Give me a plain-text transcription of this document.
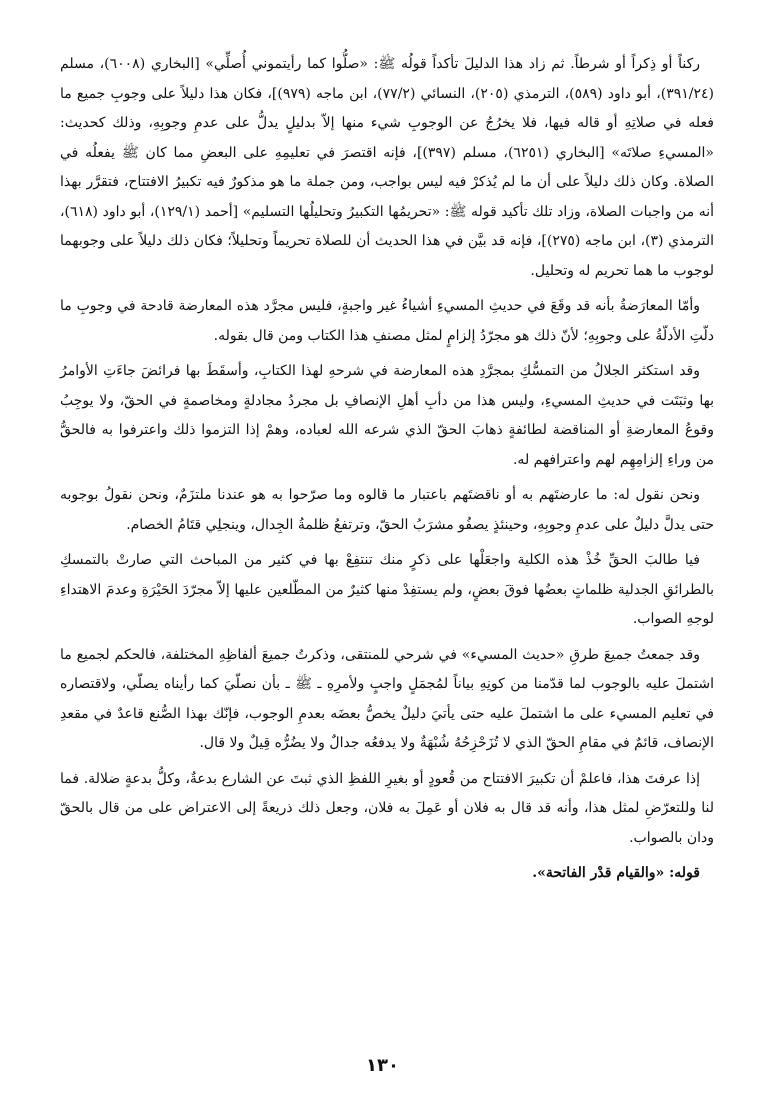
ركناً أو ذِكراً أو شرطاً. ثم زاد هذا الدليلَ تأكداً قولُه ﷺ: «صلُّوا كما رأيتموني أُصلِّي» [البخاري (٦٠٠٨)، مسلم (٣٩١/٢٤)، أبو داود (٥٨٩)، الترمذي (٢٠٥)، النسائي (٧٧/٢)، ابن ماجه (٩٧٩)]، فكان هذا دليلاً على وجوبِ جميع ما فعله في صلاتِهِ أو قاله فيها، فلا يخرُجُ عن الوجوبِ شيء منها إلاّ بدليلٍ يدلُّ على عدمِ وجوبِهِ، وذلك كحديث: «المسيءِ صلاتَه» [البخاري (٦٢٥١)، مسلم (٣٩٧)]، فإنه اقتصرَ في تعليمِهِ على البعضِ مما كان ﷺ يفعلُه في الصلاة. وكان ذلك دليلاً على أن ما لم يُذكرْ فيه ليس بواجب، ومن جملة ما هو مذكورٌ فيه تكبيرُ الافتتاح، فتقرَّر بهذا أنه من واجبات الصلاة، وزاد تلك تأكيد قوله ﷺ: «تحريمُها التكبيرُ وتحليلُها التسليم» [أحمد (١٢٩/١)، أبو داود (٦١٨)، الترمذي (٣)، ابن ماجه (٢٧٥)]، فإنه قد بيَّن في هذا الحديث أن للصلاة تحريماً وتحليلاً؛ فكان ذلك دليلاً على وجوبهما لوجوب ما هما تحريم له وتحليل.

وأمّا المعارَضةُ بأنه قد وقَعَ في حديثِ المسيءِ أشياءُ غير واجبةٍ، فليس مجرَّد هذه المعارضة قادحة في وجوبِ ما دلّتِ الأدلّةُ على وجوبِهِ؛ لأنّ ذلك هو مجرّدُ إلزامٍ لمثل مصنفِ هذا الكتاب ومن قال بقوله.

وقد استكثر الجلالُ من التمسُّكِ بمجرَّدِ هذه المعارضة في شرحهِ لهذا الكتابِ، وأسقَطَ بها فرائضَ جاءَتِ الأوامرُ بها وثبَتَت في حديثِ المسيءِ، وليس هذا من دأبِ أهلِ الإنصافِ بل مجردُ مجادلةٍ ومخاصمةٍ في الحقّ، ولا يوجِبُ وقوعُ المعارضةِ أو المناقضة لطائفةٍ ذهابَ الحقّ الذي شرعه الله لعباده، وهمْ إذا التزموا ذلك واعترفوا به فالحقُّ من وراءِ إلزامِهِم لهم واعترافهم له.

ونحن نقول له: ما عارضتَهم به أو ناقضتَهم باعتبار ما قالوه وما صرّحوا به هو عندنا ملتزَمٌ، ونحن نقولُ بوجوبه حتى يدلَّ دليلٌ على عدمِ وجوبِهِ، وحينئذٍ يصفُو مشرَبُ الحقّ، وترتفعُ ظلمةُ الجِدال، وينجلِي قتَامُ الخصام.

فيا طالبَ الحقِّ خُذْ هذه الكلية واجعَلْها على ذكرٍ منك تنتفِعْ بها في كثير من المباحث التي صارتْ بالتمسكِ بالطرائقِ الجدلية ظلماتٍ بعضُها فوقَ بعضٍ، ولم يستفِدْ منها كثيرٌ من المطّلعين عليها إلاّ مجرّدَ الحَيْرَةِ وعدمَ الاهتداءِ لوجهِ الصواب.

وقد جمعتُ جميعَ طرقِ «حديث المسيء» في شرحي للمنتقى، وذكرتُ جميعَ ألفاظِهِ المختلفة، فالحكم لجميع ما اشتملَ عليه بالوجوب لما قدّمنا من كونِهِ بياناً لمُجمَلٍ واجبٍ ولأمرِهِ ـ ﷺ ـ بأن نصلّيَ كما رأيناه يصلّي، ولاقتصاره في تعليم المسيء على ما اشتملَ عليه حتى يأتيَ دليلٌ يخصُّ بعضَه بعدمِ الوجوب، فإنّك بهذا الصُّنع قاعدٌ في مقعدِ الإنصاف، قائمٌ في مقامِ الحقّ الذي لا تُزَحْزِحُهُ شُبْهَةٌ ولا يدفعُه جدالٌ ولا يضُرُّه قِيلٌ ولا قال.

إذا عرفتَ هذا، فاعلمْ أن تكبيرَ الافتتاح من قُعودٍ أو بغيرِ اللفظِ الذي ثبتَ عن الشارع بدعةٌ، وكلُّ بدعةٍ ضلالة. فما لنا وللتعرّضِ لمثل هذا، وأنه قد قال به فلان أو عَمِلَ به فلان، وجعل ذلك ذريعةً إلى الاعتراض على من قال بالحقّ ودان بالصواب.

قوله: «والقيام قدْر الفاتحة».

١٣٠
